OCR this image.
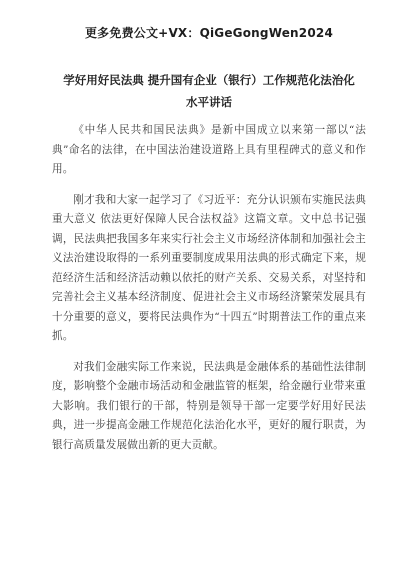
更多免费公文+VX：QiGeGongWen2024
学好用好民法典 提升国有企业（银行）工作规范化法治化
水平讲话

《中华人民共和国民法典》是新中国成立以来第一部以“法典”命名的法律，在中国法治建设道路上具有里程碑式的意义和作用。

刚才我和大家一起学习了《习近平：充分认识颁布实施民法典重大意义 依法更好保障人民合法权益》这篇文章。文中总书记强调，民法典把我国多年来实行社会主义市场经济体制和加强社会主义法治建设取得的一系列重要制度成果用法典的形式确定下来，规范经济生活和经济活动赖以依托的财产关系、交易关系，对坚持和完善社会主义基本经济制度、促进社会主义市场经济繁荣发展具有十分重要的意义，要将民法典作为“十四五”时期普法工作的重点来抓。

对我们金融实际工作来说，民法典是金融体系的基础性法律制度，影响整个金融市场活动和金融监管的框架，给金融行业带来重大影响。我们银行的干部，特别是领导干部一定要学好用好民法典，进一步提高金融工作规范化法治化水平，更好的履行职责，为银行高质量发展做出新的更大贡献。
